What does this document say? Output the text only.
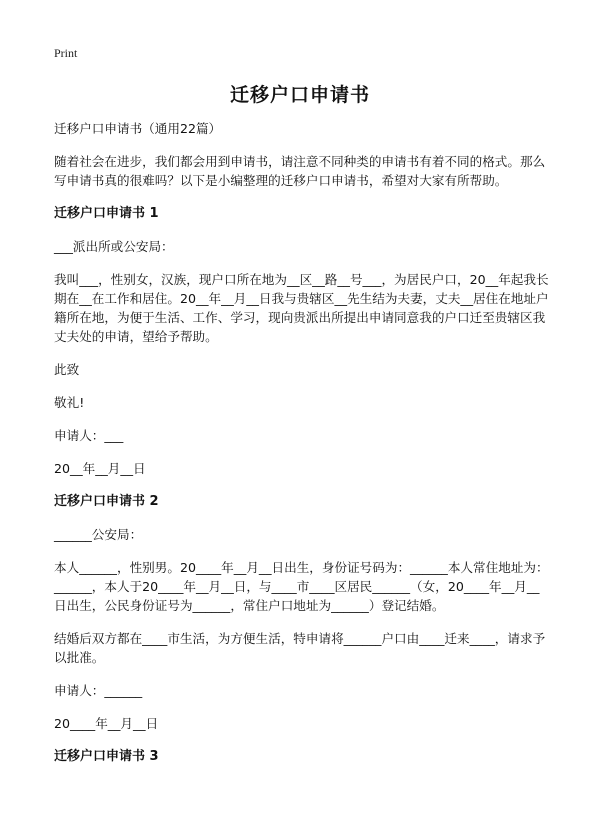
Print
迁移户口申请书

迁移户口申请书（通用22篇）

随着社会在进步，我们都会用到申请书，请注意不同种类的申请书有着不同的格式。那么写申请书真的很难吗？以下是小编整理的迁移户口申请书，希望对大家有所帮助。

迁移户口申请书 1

___派出所或公安局：

我叫___，性别女，汉族，现户口所在地为__区__路__号___，为居民户口，20__年起我长期在__在工作和居住。20__年__月__日我与贵辖区__先生结为夫妻，丈夫__居住在地址户籍所在地，为便于生活、工作、学习，现向贵派出所提出申请同意我的户口迁至贵辖区我丈夫处的申请，望给予帮助。

此致

敬礼!

申请人：___

20__年__月__日

迁移户口申请书 2

______公安局：

本人______，性别男。20____年__月__日出生，身份证号码为：______本人常住地址为：______，本人于20____年__月__日，与____市____区居民______（女，20____年__月__日出生，公民身份证号为______，常住户口地址为______）登记结婚。

结婚后双方都在____市生活，为方便生活，特申请将______户口由____迁来____，请求予以批准。

申请人：______

20____年__月__日

迁移户口申请书 3
